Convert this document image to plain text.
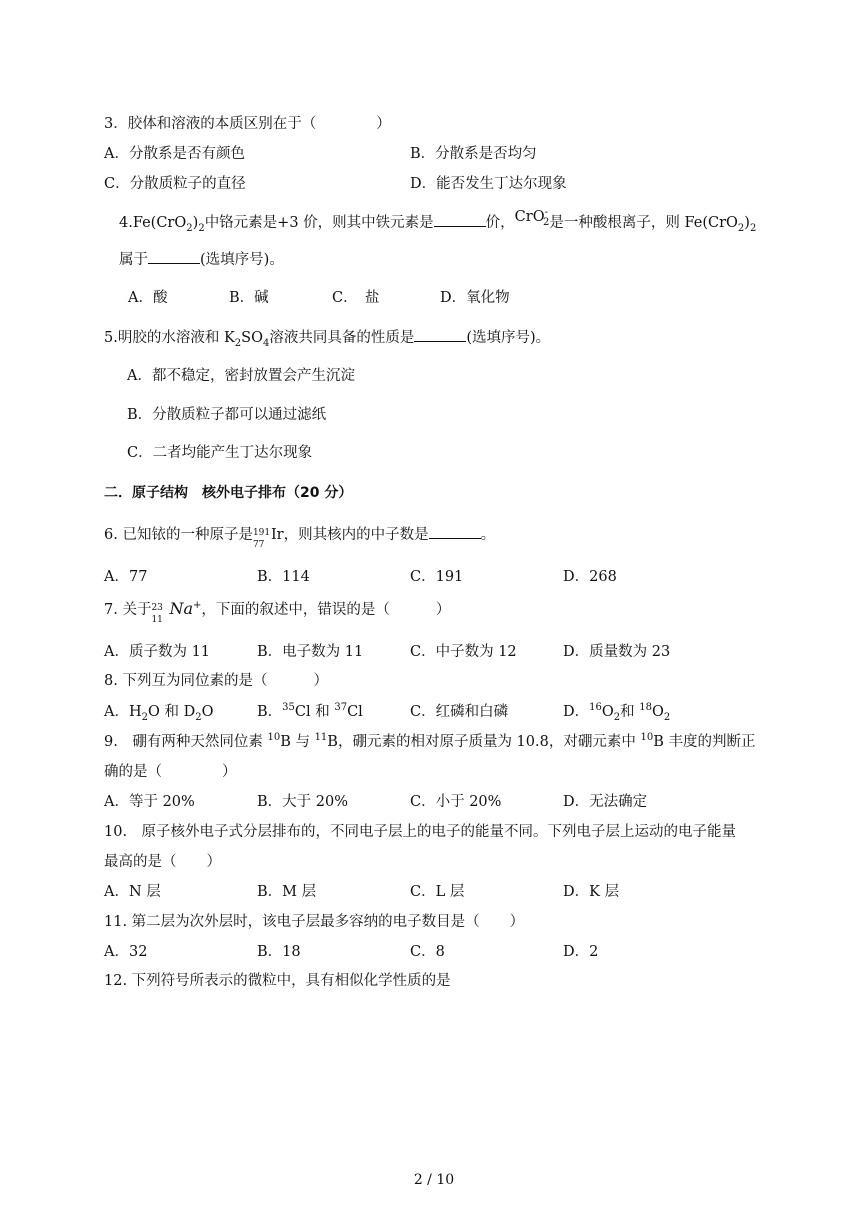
3．胶体和溶液的本质区别在于（	）
A．分散系是否有颜色	B．分散系是否均匀
C．分散质粒子的直径	D．能否发生丁达尔现象
$4.Fe(CrO_2)_2$中铬元素是+3 价，则其中铁元素是	价，CrO-$_2$是一种酸根离子，则 $Fe(CrO_2)_2$
属于	(选填序号)。
A．酸	B．碱	C．　盐	D．氧化物
5.明胶的水溶液和 $K_2SO_4$溶液共同具备的性质是	(选填序号)。
A．都不稳定，密封放置会产生沉淀
B．分散质粒子都可以通过滤纸
C．二者均能产生丁达尔现象
二．原子结构　核外电子排布（20 分）
6. 已知铱的一种原子是 191
77
Ir，则其核内的中子数是	。
A．77	B．114	C．191	D．268
7. 关于 23
11
Na+，下面的叙述中，错误的是（	）
A．质子数为 11	B．电子数为 11	C．中子数为 12	D．质量数为 23
8. 下列互为同位素的是（	）
A．$H_2O$ 和 $D_2O$	B．$^{35}$Cl 和 $^{37}$Cl	C．红磷和白磷	D．$^{16}O_2$和 $^{18}O_2$
9.　硼有两种天然同位素 $^{10}$B 与 $^{11}$B，硼元素的相对原子质量为 10.8，对硼元素中 $^{10}$B 丰度的判断正
确的是（	）
A．等于 20%	B．大于 20%	C．小于 20%	D．无法确定
10.　原子核外电子式分层排布的，不同电子层上的电子的能量不同。下列电子层上运动的电子能量
最高的是（ ）
A．N 层	B．M 层	C．L 层	D．K 层
11. 第二层为次外层时，该电子层最多容纳的电子数目是（ ）
A．32	B．18	C．8	D．2
12. 下列符号所表示的微粒中，具有相似化学性质的是
2 / 10
